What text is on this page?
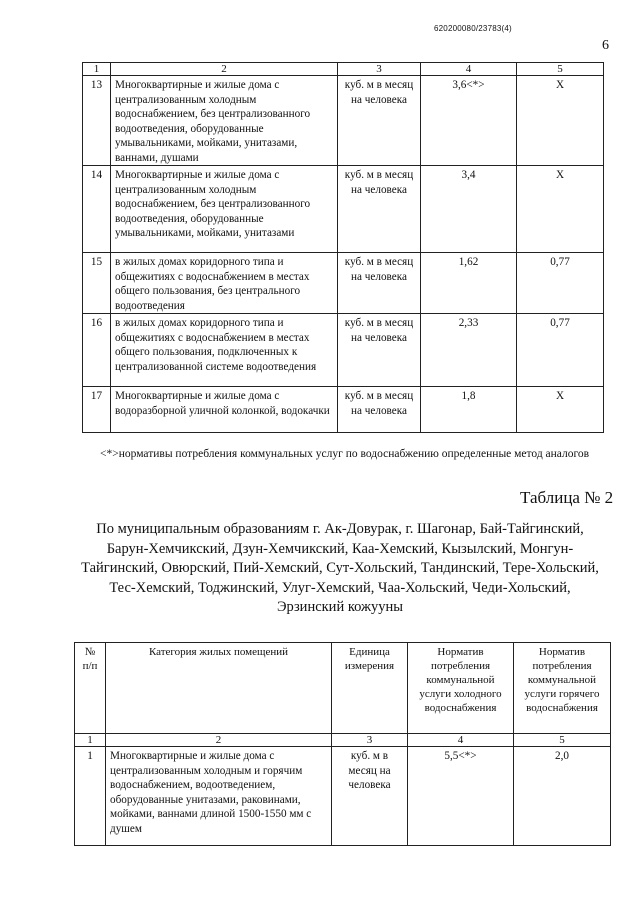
620200080/23783(4)
6
1	2	3	4	5
13	Многоквартирные и жилые дома с централизованным холодным водоснабжением, без централизованного водоотведения, оборудованные умывальниками, мойками, унитазами, ваннами, душами	куб. м в месяц на человека	3,6<*>	X
14	Многоквартирные и жилые дома с централизованным холодным водоснабжением, без централизованного водоотведения, оборудованные умывальниками, мойками, унитазами	куб. м в месяц на человека	3,4	X
15	в жилых домах коридорного типа и общежитиях с водоснабжением в местах общего пользования, без центрального водоотведения	куб. м в месяц на человека	1,62	0,77
16	в жилых домах коридорного типа и общежитиях с водоснабжением в местах общего пользования, подключенных к централизованной системе водоотведения	куб. м в месяц на человека	2,33	0,77
17	Многоквартирные и жилые дома с водоразборной уличной колонкой, водокачки	куб. м в месяц на человека	1,8	X
<*>нормативы потребления коммунальных услуг по водоснабжению определенные метод аналогов
Таблица № 2
По муниципальным образованиям г. Ак-Довурак, г. Шагонар, Бай-Тайгинский, Барун-Хемчикский, Дзун-Хемчикский, Каа-Хемский, Кызылский, Монгун-Тайгинский, Овюрский, Пий-Хемский, Сут-Хольский, Тандинский, Тере-Хольский, Тес-Хемский, Тоджинский, Улуг-Хемский, Чаа-Хольский, Чеди-Хольский, Эрзинский кожууны
№ п/п	Категория жилых помещений	Единица измерения	Норматив потребления коммунальной услуги холодного водоснабжения	Норматив потребления коммунальной услуги горячего водоснабжения
1	2	3	4	5
1	Многоквартирные и жилые дома с централизованным холодным и горячим водоснабжением, водоотведением, оборудованные унитазами, раковинами, мойками, ваннами длиной 1500-1550 мм с душем	куб. м в месяц на человека	5,5<*>	2,0
